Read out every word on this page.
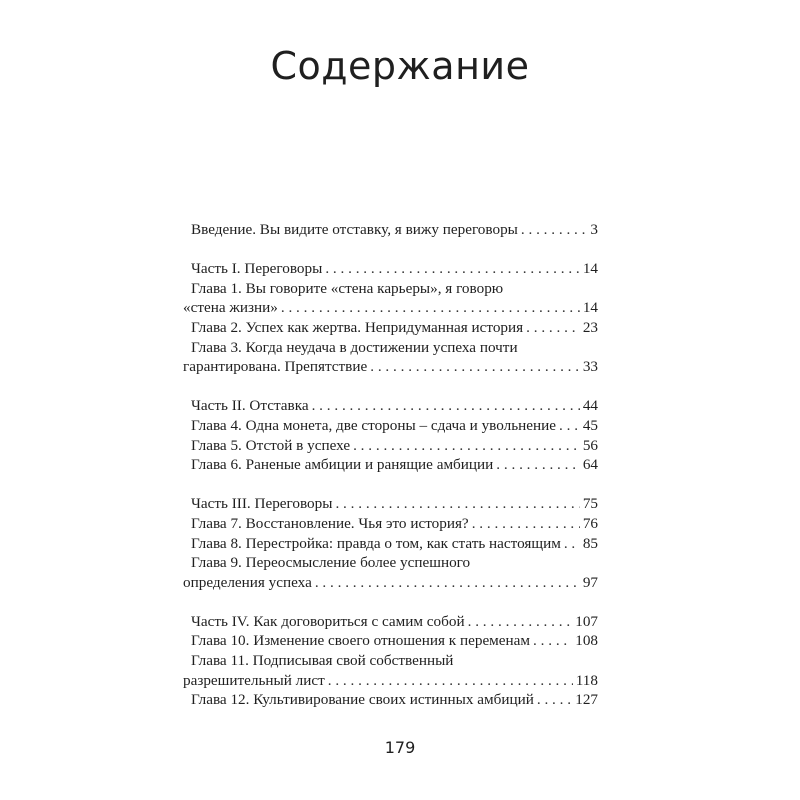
Содержание
Введение. Вы видите отставку, я вижу переговоры . . .	3
Часть I. Переговоры . . .	14
Глава 1. Вы говорите «стена карьеры», я говорю
«стена жизни» . . .	14
Глава 2. Успех как жертва. Непридуманная история . . .	23
Глава 3. Когда неудача в достижении успеха почти
гарантирована. Препятствие . . .	33
Часть II. Отставка . . .	44
Глава 4. Одна монета, две стороны – сдача и увольнение . . . 45
Глава 5. Отстой в успехе . . .	56
Глава 6. Раненые амбиции и ранящие амбиции . . .	64
Часть III. Переговоры . . .	75
Глава 7. Восстановление. Чья это история? . . .	76
Глава 8. Перестройка: правда о том, как стать настоящим . . . 85
Глава 9. Переосмысление более успешного
определения успеха . . .	97
Часть IV. Как договориться с самим собой . . .	107
Глава 10. Изменение своего отношения к переменам . . .	108
Глава 11. Подписывая свой собственный
разрешительный лист . . .	118
Глава 12. Культивирование своих истинных амбиций . . .	127
179
